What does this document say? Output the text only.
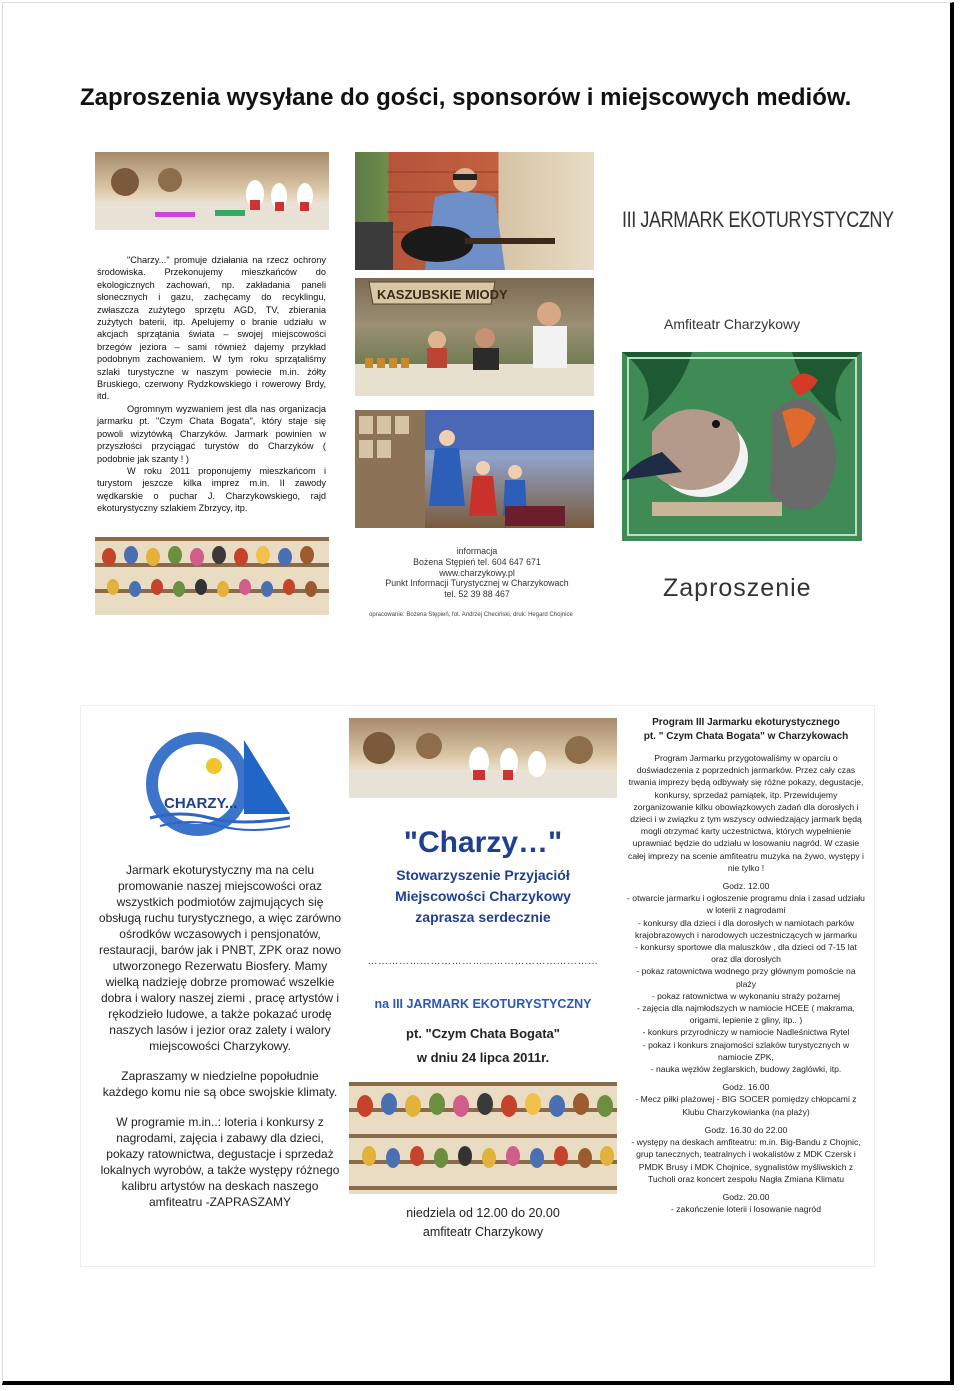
Zaproszenia wysyłane do gości, sponsorów i miejscowych mediów.
"Charzy..." promuje działania na rzecz ochrony środowiska. Przekonujemy mieszkańców do ekologicznych zachowań, np. zakładania paneli słonecznych i gazu, zachęcamy do recyklingu, zwłaszcza zużytego sprzętu AGD, TV, zbierania zużytych baterii, itp. Apelujemy o branie udziału w akcjach sprzątania świata – swojej miejscowości brzegów jeziora – sami również dajemy przykład podobnym zachowaniem. W tym roku sprzątaliśmy szlaki turystyczne w naszym powiecie m.in. żółty Bruskiego, czerwony Rydzkowskiego i rowerowy Brdy, itd.
Ogromnym wyzwaniem jest dla nas organizacja jarmarku pt. "Czym Chata Bogata", który staje się powoli wizytówką Charzyków. Jarmark powinien w przyszłości przyciągać turystów do Charzyków ( podobnie jak szanty ! )
W roku 2011 proponujemy mieszkańcom i turystom jeszcze kilka imprez m.in. II zawody wędkarskie o puchar J. Charzykowskiego, rajd ekoturystyczny szlakiem Zbrzycy, itp.
KASZUBSKIE MIODY
informacja
Bożena Stępień tel. 604 647 671
www.charzykowy.pl
Punkt Informacji Turystycznej w Charzykowach
tel. 52 39 88 467
opracowanie: Bożena Stępień, fot. Andrzej Checiński, druk: Hegard Chojnice
III JARMARK EKOTURYSTYCZNY
Amfiteatr Charzykowy
Zaproszenie
CHARZY...

Jarmark ekoturystyczny ma na celu promowanie naszej miejscowości oraz wszystkich podmiotów zajmujących się obsługą ruchu turystycznego, a więc zarówno ośrodków wczasowych i pensjonatów, restauracji, barów jak i PNBT, ZPK oraz nowo utworzonego Rezerwatu Biosfery. Mamy wielką nadzieję dobrze promować wszelkie dobra i walory naszej ziemi , pracę artystów i rękodzieło ludowe, a także pokazać urodę naszych lasów i jezior oraz zalety i walory miejscowości Charzykowy.

Zapraszamy w niedzielne popołudnie każdego komu nie są obce swojskie klimaty.

W programie m.in..: loteria i konkursy z nagrodami, zajęcia i zabawy dla dzieci, pokazy ratownictwa, degustacje i sprzedaż lokalnych wyrobów, a także występy różnego kalibru artystów na deskach naszego amfiteatru -ZAPRASZAMY

"Charzy…"
Stowarzyszenie Przyjaciół
Miejscowości Charzykowy
zaprasza serdecznie
…………………………………………………………
na III JARMARK EKOTURYSTYCZNY
pt. "Czym Chata Bogata"
w dniu 24 lipca 2011r.
niedziela od 12.00 do 20.00
amfiteatr Charzykowy
Program III Jarmarku ekoturystycznego
pt. " Czym Chata Bogata" w Charzykowach
Program Jarmarku przygotowaliśmy w oparciu o doświadczenia z poprzednich jarmarków. Przez cały czas trwania imprezy będą odbywały się różne pokazy, degustacje, konkursy, sprzedaż pamiątek, itp. Przewidujemy zorganizowanie kilku obowiązkowych zadań dla dorosłych i dzieci i w związku z tym wszyscy odwiedzający jarmark będą mogli otrzymać karty uczestnictwa, których wypełnienie uprawniać będzie do udziału w losowaniu nagród. W czasie całej imprezy na scenie amfiteatru muzyka na żywo, występy i nie tylko !
Godz. 12.00
- otwarcie jarmarku i ogłoszenie programu dnia i zasad udziału w loterii z nagrodami
- konkursy dla dzieci i dla dorosłych w namiotach parków krajobrazowych i narodowych uczestniczących w jarmarku
- konkursy sportowe dla maluszków , dla dzieci od 7-15 lat oraz dla dorosłych
- pokaz ratownictwa wodnego przy głównym pomoście na plaży
- pokaz ratownictwa w wykonaniu straży pożarnej
- zajęcia dla najmłodszych w namiocie HCEE ( makrama, origami, lepienie z gliny, itp.. )
- konkurs przyrodniczy w namiocie Nadleśnictwa Rytel
- pokaz i konkurs znajomości szlaków turystycznych w namiocie ZPK,
- nauka węzłów żeglarskich, budowy żaglówki, itp.
Godz. 16.00
- Mecz piłki plażowej - BIG SOCER pomiędzy chłopcami z Klubu Charzykowianka (na plaży)
Godz. 16.30 do 22.00
- występy na deskach amfiteatru: m.in. Big-Bandu z Chojnic, grup tanecznych, teatralnych i wokalistów z MDK Czersk i PMDK Brusy i MDK Chojnice, sygnalistów myśliwskich z Tucholi oraz koncert zespołu Nagła Zmiana Klimatu
Godz. 20.00
- zakończenie loterii i losowanie nagród
